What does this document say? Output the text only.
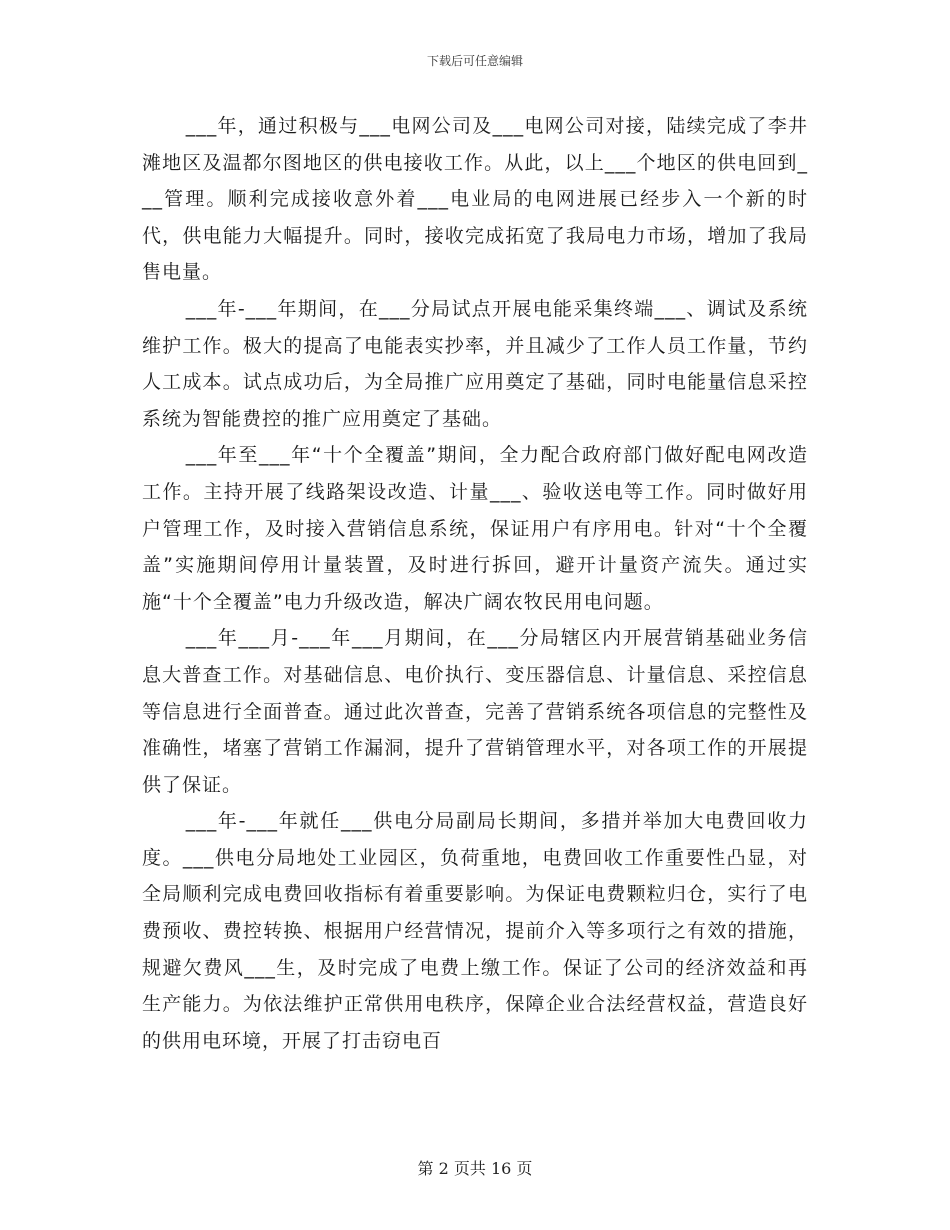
下载后可任意编辑

___年，通过积极与___电网公司及___电网公司对接，陆续完成了李井滩地区及温都尔图地区的供电接收工作。从此，以上___个地区的供电回到___管理。顺利完成接收意外着___电业局的电网进展已经步入一个新的时代，供电能力大幅提升。同时，接收完成拓宽了我局电力市场，增加了我局售电量。

___年-___年期间，在___分局试点开展电能采集终端___、调试及系统维护工作。极大的提高了电能表实抄率，并且减少了工作人员工作量，节约人工成本。试点成功后，为全局推广应用奠定了基础，同时电能量信息采控系统为智能费控的推广应用奠定了基础。

___年至___年“十个全覆盖”期间，全力配合政府部门做好配电网改造工作。主持开展了线路架设改造、计量___、验收送电等工作。同时做好用户管理工作，及时接入营销信息系统，保证用户有序用电。针对“十个全覆盖”实施期间停用计量装置，及时进行拆回，避开计量资产流失。通过实施“十个全覆盖”电力升级改造，解决广阔农牧民用电问题。

___年___月-___年___月期间，在___分局辖区内开展营销基础业务信息大普查工作。对基础信息、电价执行、变压器信息、计量信息、采控信息等信息进行全面普查。通过此次普查，完善了营销系统各项信息的完整性及准确性，堵塞了营销工作漏洞，提升了营销管理水平，对各项工作的开展提供了保证。

___年-___年就任___供电分局副局长期间，多措并举加大电费回收力度。___供电分局地处工业园区，负荷重地，电费回收工作重要性凸显，对全局顺利完成电费回收指标有着重要影响。为保证电费颗粒归仓，实行了电费预收、费控转换、根据用户经营情况，提前介入等多项行之有效的措施，规避欠费风___生，及时完成了电费上缴工作。保证了公司的经济效益和再生产能力。为依法维护正常供用电秩序，保障企业合法经营权益，营造良好的供用电环境，开展了打击窃电百

第 2 页共 16 页
